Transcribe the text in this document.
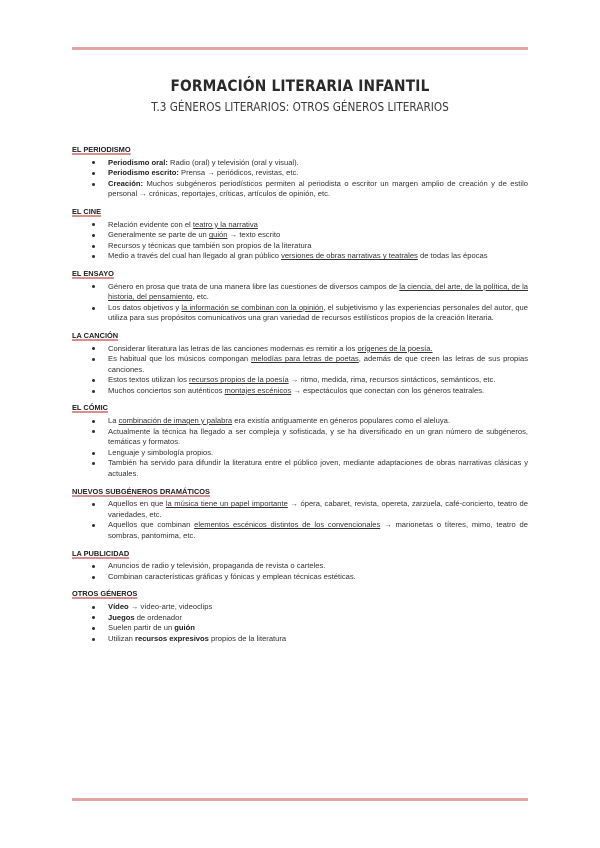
FORMACIÓN LITERARIA INFANTIL
T.3 GÉNEROS LITERARIOS: OTROS GÉNEROS LITERARIOS
EL PERIODISMO
Periodismo oral: Radio (oral) y televisión (oral y visual).
Periodismo escrito: Prensa → periódicos, revistas, etc.
Creación: Muchos subgéneros periodísticos permiten al periodista o escritor un margen amplio de creación y de estilo personal → crónicas, reportajes, críticas, artículos de opinión, etc.
EL CINE
Relación evidente con el teatro y la narrativa
Generalmente se parte de un guión → texto escrito
Recursos y técnicas que también son propios de la literatura
Medio a través del cual han llegado al gran público versiones de obras narrativas y teatrales de todas las épocas
EL ENSAYO
Género en prosa que trata de una manera libre las cuestiones de diversos campos de la ciencia, del arte, de la política, de la historia, del pensamiento, etc.
Los datos objetivos y la información se combinan con la opinión, el subjetivismo y las experiencias personales del autor, que utiliza para sus propósitos comunicativos una gran variedad de recursos estilísticos propios de la creación literaria.
LA CANCIÓN
Considerar literatura las letras de las canciones modernas es remitir a los orígenes de la poesía.
Es habitual que los músicos compongan melodías para letras de poetas, además de que creen las letras de sus propias canciones.
Estos textos utilizan los recursos propios de la poesía → ritmo, medida, rima, recursos sintácticos, semánticos, etc.
Muchos conciertos son auténticos montajes escénicos → espectáculos que conectan con los géneros teatrales.
EL CÓMIC
La combinación de imagen y palabra era existía antiguamente en géneros populares como el aleluya.
Actualmente la técnica ha llegado a ser compleja y sofisticada, y se ha diversificado en un gran número de subgéneros, temáticas y formatos.
Lenguaje y simbología propios.
También ha servido para difundir la literatura entre el público joven, mediante adaptaciones de obras narrativas clásicas y actuales.
NUEVOS SUBGÉNEROS DRAMÁTICOS
Aquellos en que la música tiene un papel importante → ópera, cabaret, revista, opereta, zarzuela, café-concierto, teatro de variedades, etc.
Aquellos que combinan elementos escénicos distintos de los convencionales → marionetas o títeres, mimo, teatro de sombras, pantomima, etc.
LA PUBLICIDAD
Anuncios de radio y televisión, propaganda de revista o carteles.
Combinan características gráficas y fónicas y emplean técnicas estéticas.
OTROS GÉNEROS
Vídeo → vídeo-arte, videoclips
Juegos de ordenador
Suelen partir de un guión
Utilizan recursos expresivos propios de la literatura
